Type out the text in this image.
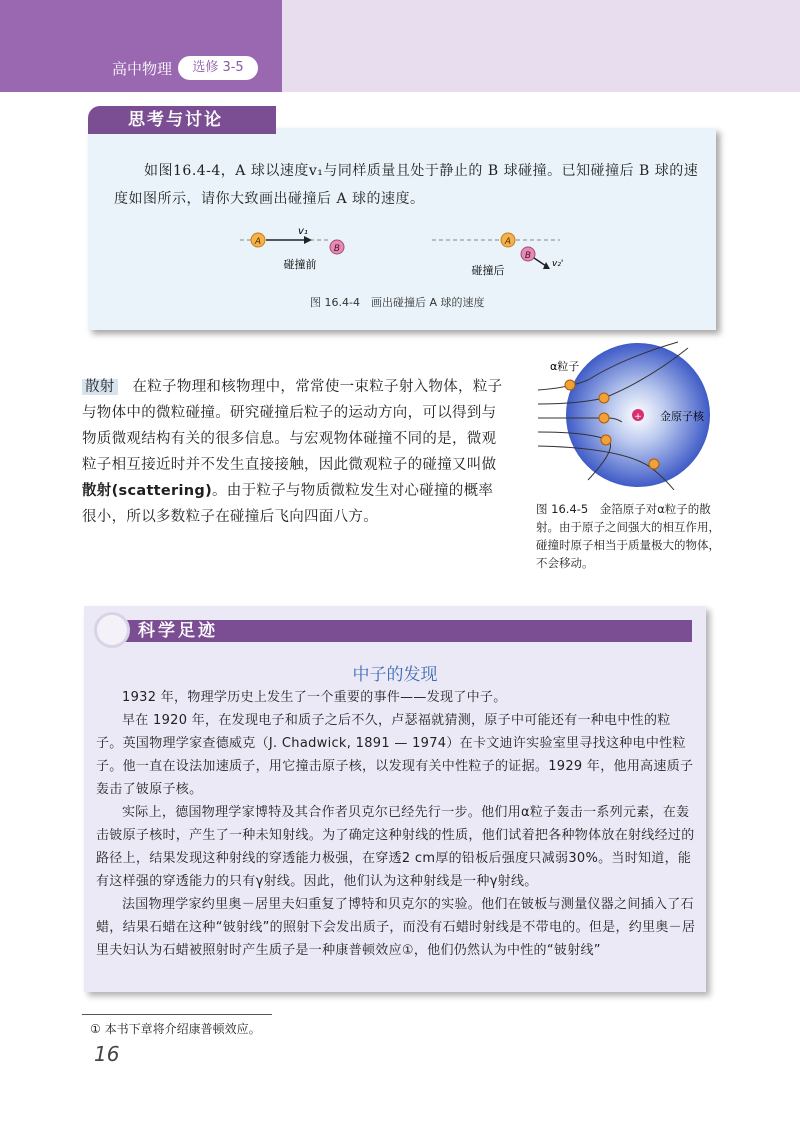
高中物理	选修 3-5
思考与讨论
如图16.4-4，A 球以速度v₁与同样质量且处于静止的 B 球碰撞。已知碰撞后 B 球的速度如图所示，请你大致画出碰撞后 A 球的速度。
A
v₁
B
碰撞前
A
B
v₂'
碰撞后
图 16.4-4　画出碰撞后 A 球的速度
散射　 在粒子物理和核物理中，常常使一束粒子射入物体，粒子与物体中的微粒碰撞。研究碰撞后粒子的运动方向，可以得到与物质微观结构有关的很多信息。与宏观物体碰撞不同的是，微观粒子相互接近时并不发生直接接触，因此微观粒子的碰撞又叫做散射(scattering)。由于粒子与物质微粒发生对心碰撞的概率很小，所以多数粒子在碰撞后飞向四面八方。
+
α粒子
金原子核
图 16.4-5　金箔原子对α粒子的散射。由于原子之间强大的相互作用，碰撞时原子相当于质量极大的物体，不会移动。
科学足迹
中子的发现

1932 年，物理学历史上发生了一个重要的事件——发现了中子。

早在 1920 年，在发现电子和质子之后不久，卢瑟福就猜测，原子中可能还有一种电中性的粒子。英国物理学家查德威克（J. Chadwick, 1891 — 1974）在卡文迪许实验室里寻找这种电中性粒子。他一直在设法加速质子，用它撞击原子核，以发现有关中性粒子的证据。1929 年，他用高速质子轰击了铍原子核。

实际上，德国物理学家博特及其合作者贝克尔已经先行一步。他们用α粒子轰击一系列元素，在轰击铍原子核时，产生了一种未知射线。为了确定这种射线的性质，他们试着把各种物体放在射线经过的路径上，结果发现这种射线的穿透能力极强，在穿透2 cm厚的铅板后强度只减弱30%。当时知道，能有这样强的穿透能力的只有γ射线。因此，他们认为这种射线是一种γ射线。

法国物理学家约里奥－居里夫妇重复了博特和贝克尔的实验。他们在铍板与测量仪器之间插入了石蜡，结果石蜡在这种“铍射线”的照射下会发出质子，而没有石蜡时射线是不带电的。但是，约里奥－居里夫妇认为石蜡被照射时产生质子是一种康普顿效应①，他们仍然认为中性的“铍射线”

① 本书下章将介绍康普顿效应。
16
